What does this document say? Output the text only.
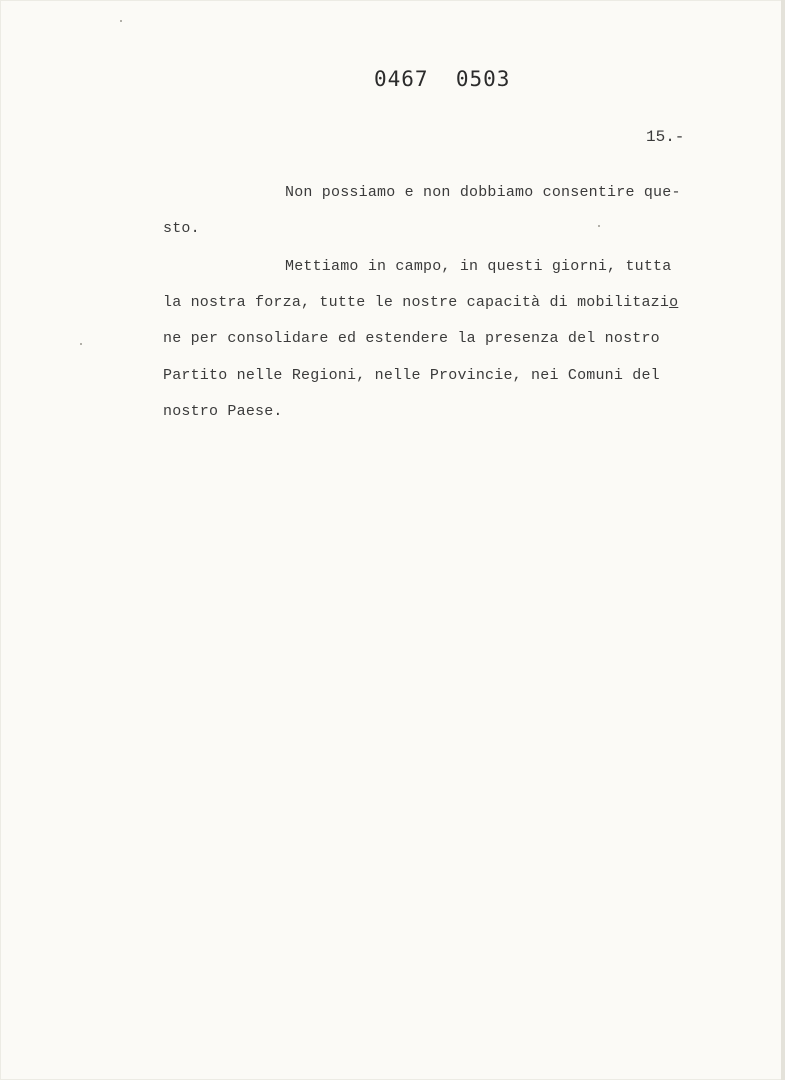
0467  0503
15.-
Non possiamo e non dobbiamo consentire que-
sto.
Mettiamo in campo, in questi giorni, tutta
la nostra forza, tutte le nostre capacità di mobilitazio
ne per consolidare ed estendere la presenza del nostro
Partito nelle Regioni, nelle Provincie, nei Comuni del
nostro Paese.
